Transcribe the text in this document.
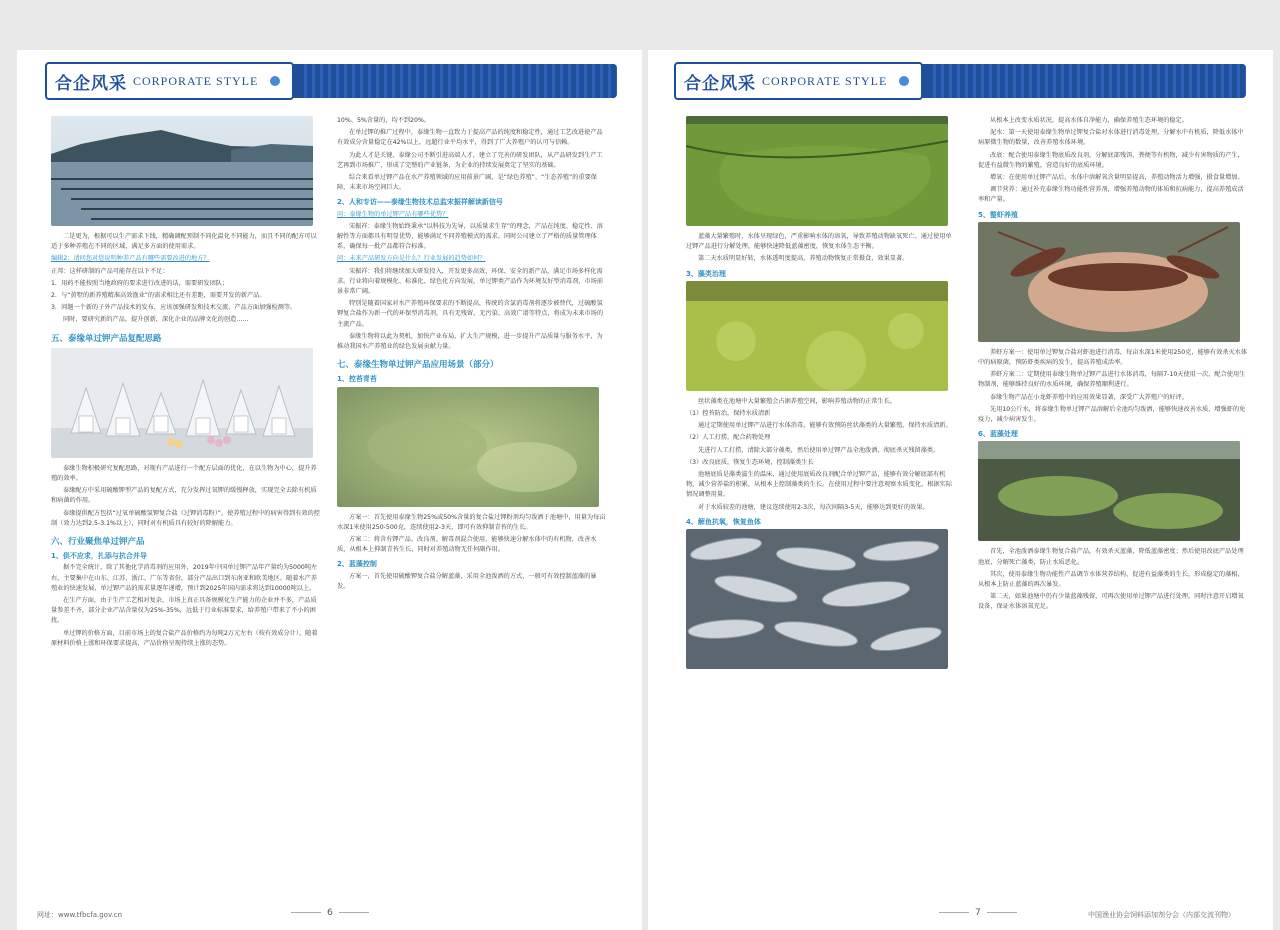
合企风采 CORPORATE STYLE

二是更为，根据可以生产需求下线，精确调配预制不同化温化不同能力，而且不同的配方可以适于多种养殖在不同的区域，满足多方面的使用需求。

编辑2：请问您对您说明种养产品有哪些需要改进的地方？

正邦：这样研制的产品可能存在以下不足：

1．用药不能按照当地政府的要求进行改进的话，需要研发团队；

2．与“黄墅的新养殖精准高效渔业”的需求相比还有差距，需要开发的新产品。

3．问题一个新的子外产品技术的发布，应该加强研发和技术交流，产品方面加强检测等。

同时，要研究新的产品，提升创新，深化企业的品牌文化的创造……

五、泰缘单过钾产品复配思路

泰缘生物积极研究复配思路，对现有产品进行一个配方层面的优化，在以生物为中心，提升养殖的效率。

泰缘配方中采用硫酸钾型产品的复配方式，充分发挥过氧钾的缓慢释放，实现完全去除有机质和病菌的作用。

泰缘提供配方包括“过氧单硫酸氢钾复合盐（过钾消毒粉）”，使养殖过程中的病害得到有效的控制（效力达到2.5-3.1%以上），同时对有机质具有较好的降解能力。

六、行业聚焦单过钾产品
1、供不应求，扎添与抗合并导

据不完全统计，除了其他化学消毒剂的应用外，2019年中国单过钾产品年产量约为5000吨左右，主要集中在山东、江苏、浙江、广东等省份，部分产品出口到东南亚和欧美地区。随着水产养殖业的快速发展，单过钾产品的需求量逐年递增，预计到2025年国内需求将达到10000吨以上。

在生产方面，由于生产工艺相对复杂，市场上真正具备规模化生产能力的企业并不多，产品质量参差不齐，部分企业产品含量仅为25%-35%，远低于行业标准要求，给养殖户带来了不小的困扰。

单过钾的价格方面，目前市场上的复合盐产品价格约为每吨2万元左右（按有效成分计），随着原材料价格上涨和环保要求提高，产品价格呈现持续上涨的态势。

10%、5%含量的，均不到20%。

在单过钾的推广过程中，泰缘生物一直致力于提高产品的纯度和稳定性，通过工艺改进使产品有效成分含量稳定在42%以上，远超行业平均水平，得到了广大养殖户的认可与信赖。

为此人才是关键，泰缘公司不断引进高端人才，建立了完善的研发团队，从产品研发到生产工艺再到市场推广，形成了完整的产业链条，为企业的持续发展奠定了坚实的基础。

综合来看单过钾产品在水产养殖领域的应用前景广阔，是“绿色养殖”、“生态养殖”的重要保障，未来市场空间巨大。

2、人和专访——泰缘生物技术总监宋振祥解读新信号

问：泰缘生物的单过钾产品有哪些优势？

宋振祥：泰缘生物始终秉承“以科技为先导，以质量求生存”的理念，产品在纯度、稳定性、溶解性等方面都具有明显优势，能够满足不同养殖模式的需求。同时公司建立了严格的质量管理体系，确保每一批产品都符合标准。

问：未来产品研发方向是什么？行业发展的趋势如何？

宋振祥：我们将继续加大研发投入，开发更多高效、环保、安全的新产品，满足市场多样化需求。行业将向着规模化、标准化、绿色化方向发展，单过钾类产品作为环境友好型消毒剂，市场前景非常广阔。

特别是随着国家对水产养殖环保要求的不断提高，传统的含氯消毒剂将逐步被替代，过硫酸氢钾复合盐作为新一代的环保型消毒剂，具有无残留、无污染、高效广谱等特点，将成为未来市场的主流产品。

泰缘生物将以此为契机，加快产业布局，扩大生产规模，进一步提升产品质量与服务水平，为推动我国水产养殖业的绿色发展贡献力量。

七、泰缘生物单过钾产品应用场景（部分）
1、控苔青苔

方案一：首先使用泰缘生物25%或50%含量的复合盐过钾粉剂均匀泼洒于池塘中，用量为每亩水深1米使用250-500克，连续使用2-3天，即可有效抑制青苔的生长。

方案二：将含有钾产品、改良剂、解毒剂混合使用，能够快速分解水体中的有机物，改善水质，从根本上抑制青苔生长，同时对养殖动物无任何副作用。

2、蓝藻控制

方案一，首先使用硫酸钾复合盐分解蓝藻，采用全池泼洒的方式，一般可有效控制蓝藻的暴发。

网址：www.tfbcfa.gov.cn	6
合企风采 CORPORATE STYLE

蓝藻大量繁殖时，水体呈现绿色，严重影响水体的溶氧，导致养殖动物缺氧死亡。通过使用单过钾产品进行分解处理，能够快速降低蓝藻密度，恢复水体生态平衡。

第二天水质明显好转，水体透明度提高，养殖动物恢复正常摄食，效果显著。

3、藻类治理

丝状藻类在池塘中大量繁殖会占据养殖空间，影响养殖动物的正常生长。

（1）控苔防治，保持水质清新

通过定期使用单过钾产品进行水体消毒，能够有效预防丝状藻类的大量繁殖，保持水质清新。

（2）人工打捞，配合药物处理

先进行人工打捞，清除大部分藻类，然后使用单过钾产品全池泼洒，彻底杀灭残留藻类。

（3）改良底质，恢复生态环境，控制藻类生长

池塘底质是藻类滋生的温床，通过使用底质改良剂配合单过钾产品，能够有效分解底部有机物，减少营养盐的积累，从根本上控制藻类的生长。在使用过程中要注意观察水质变化，根据实际情况调整用量。

对于水质较差的池塘，建议连续使用2-3次，每次间隔3-5天，能够达到更好的效果。

4、解鱼抗氧，恢复鱼体

从根本上改变水质状况，提高水体自净能力，确保养殖生态环境的稳定。

泥水：第一天使用泰缘生物单过钾复合盐对水体进行消毒处理，分解水中有机质，降低水体中病原微生物的数量，改善养殖水体环境。

改底：配合使用泰缘生物底质改良剂，分解底部残饵、粪便等有机物，减少有害物质的产生，促进有益微生物的繁殖，营造良好的底质环境。

增氧：在使用单过钾产品后，水体中溶解氧含量明显提高，养殖动物活力增强，摄食量增加。

调节营养：通过补充泰缘生物功能性营养剂，增强养殖动物的体质和抗病能力，提高养殖成活率和产量。

5、螯虾养殖

养虾方案一：使用单过钾复合盐对虾池进行消毒，每亩水深1米使用250克，能够有效杀灭水体中的病原菌，预防虾类疾病的发生，提高养殖成活率。

养虾方案二：定期使用泰缘生物单过钾产品进行水体消毒，每隔7-10天使用一次，配合使用生物制剂，能够维持良好的水质环境，确保养殖顺利进行。

泰缘生物产品在小龙虾养殖中的应用效果显著，深受广大养殖户的好评。

先用10公斤水，将泰缘生物单过钾产品溶解后全池均匀泼洒，能够快速改善水质，增强虾的免疫力，减少病害发生。

6、蓝藻处理

首先，全池泼洒泰缘生物复合盐产品，有效杀灭蓝藻，降低蓝藻密度；然后使用改底产品处理池底，分解死亡藻类，防止水质恶化。

其次，使用泰缘生物功能性产品调节水体营养结构，促进有益藻类的生长，形成稳定的藻相，从根本上防止蓝藻的再次暴发。

第二天，如果池塘中仍有少量蓝藻残留，可再次使用单过钾产品进行处理，同时注意开启增氧设备，保证水体溶氧充足。

7	中国渔业协会饲料添加剂分会（内部交流刊物）
